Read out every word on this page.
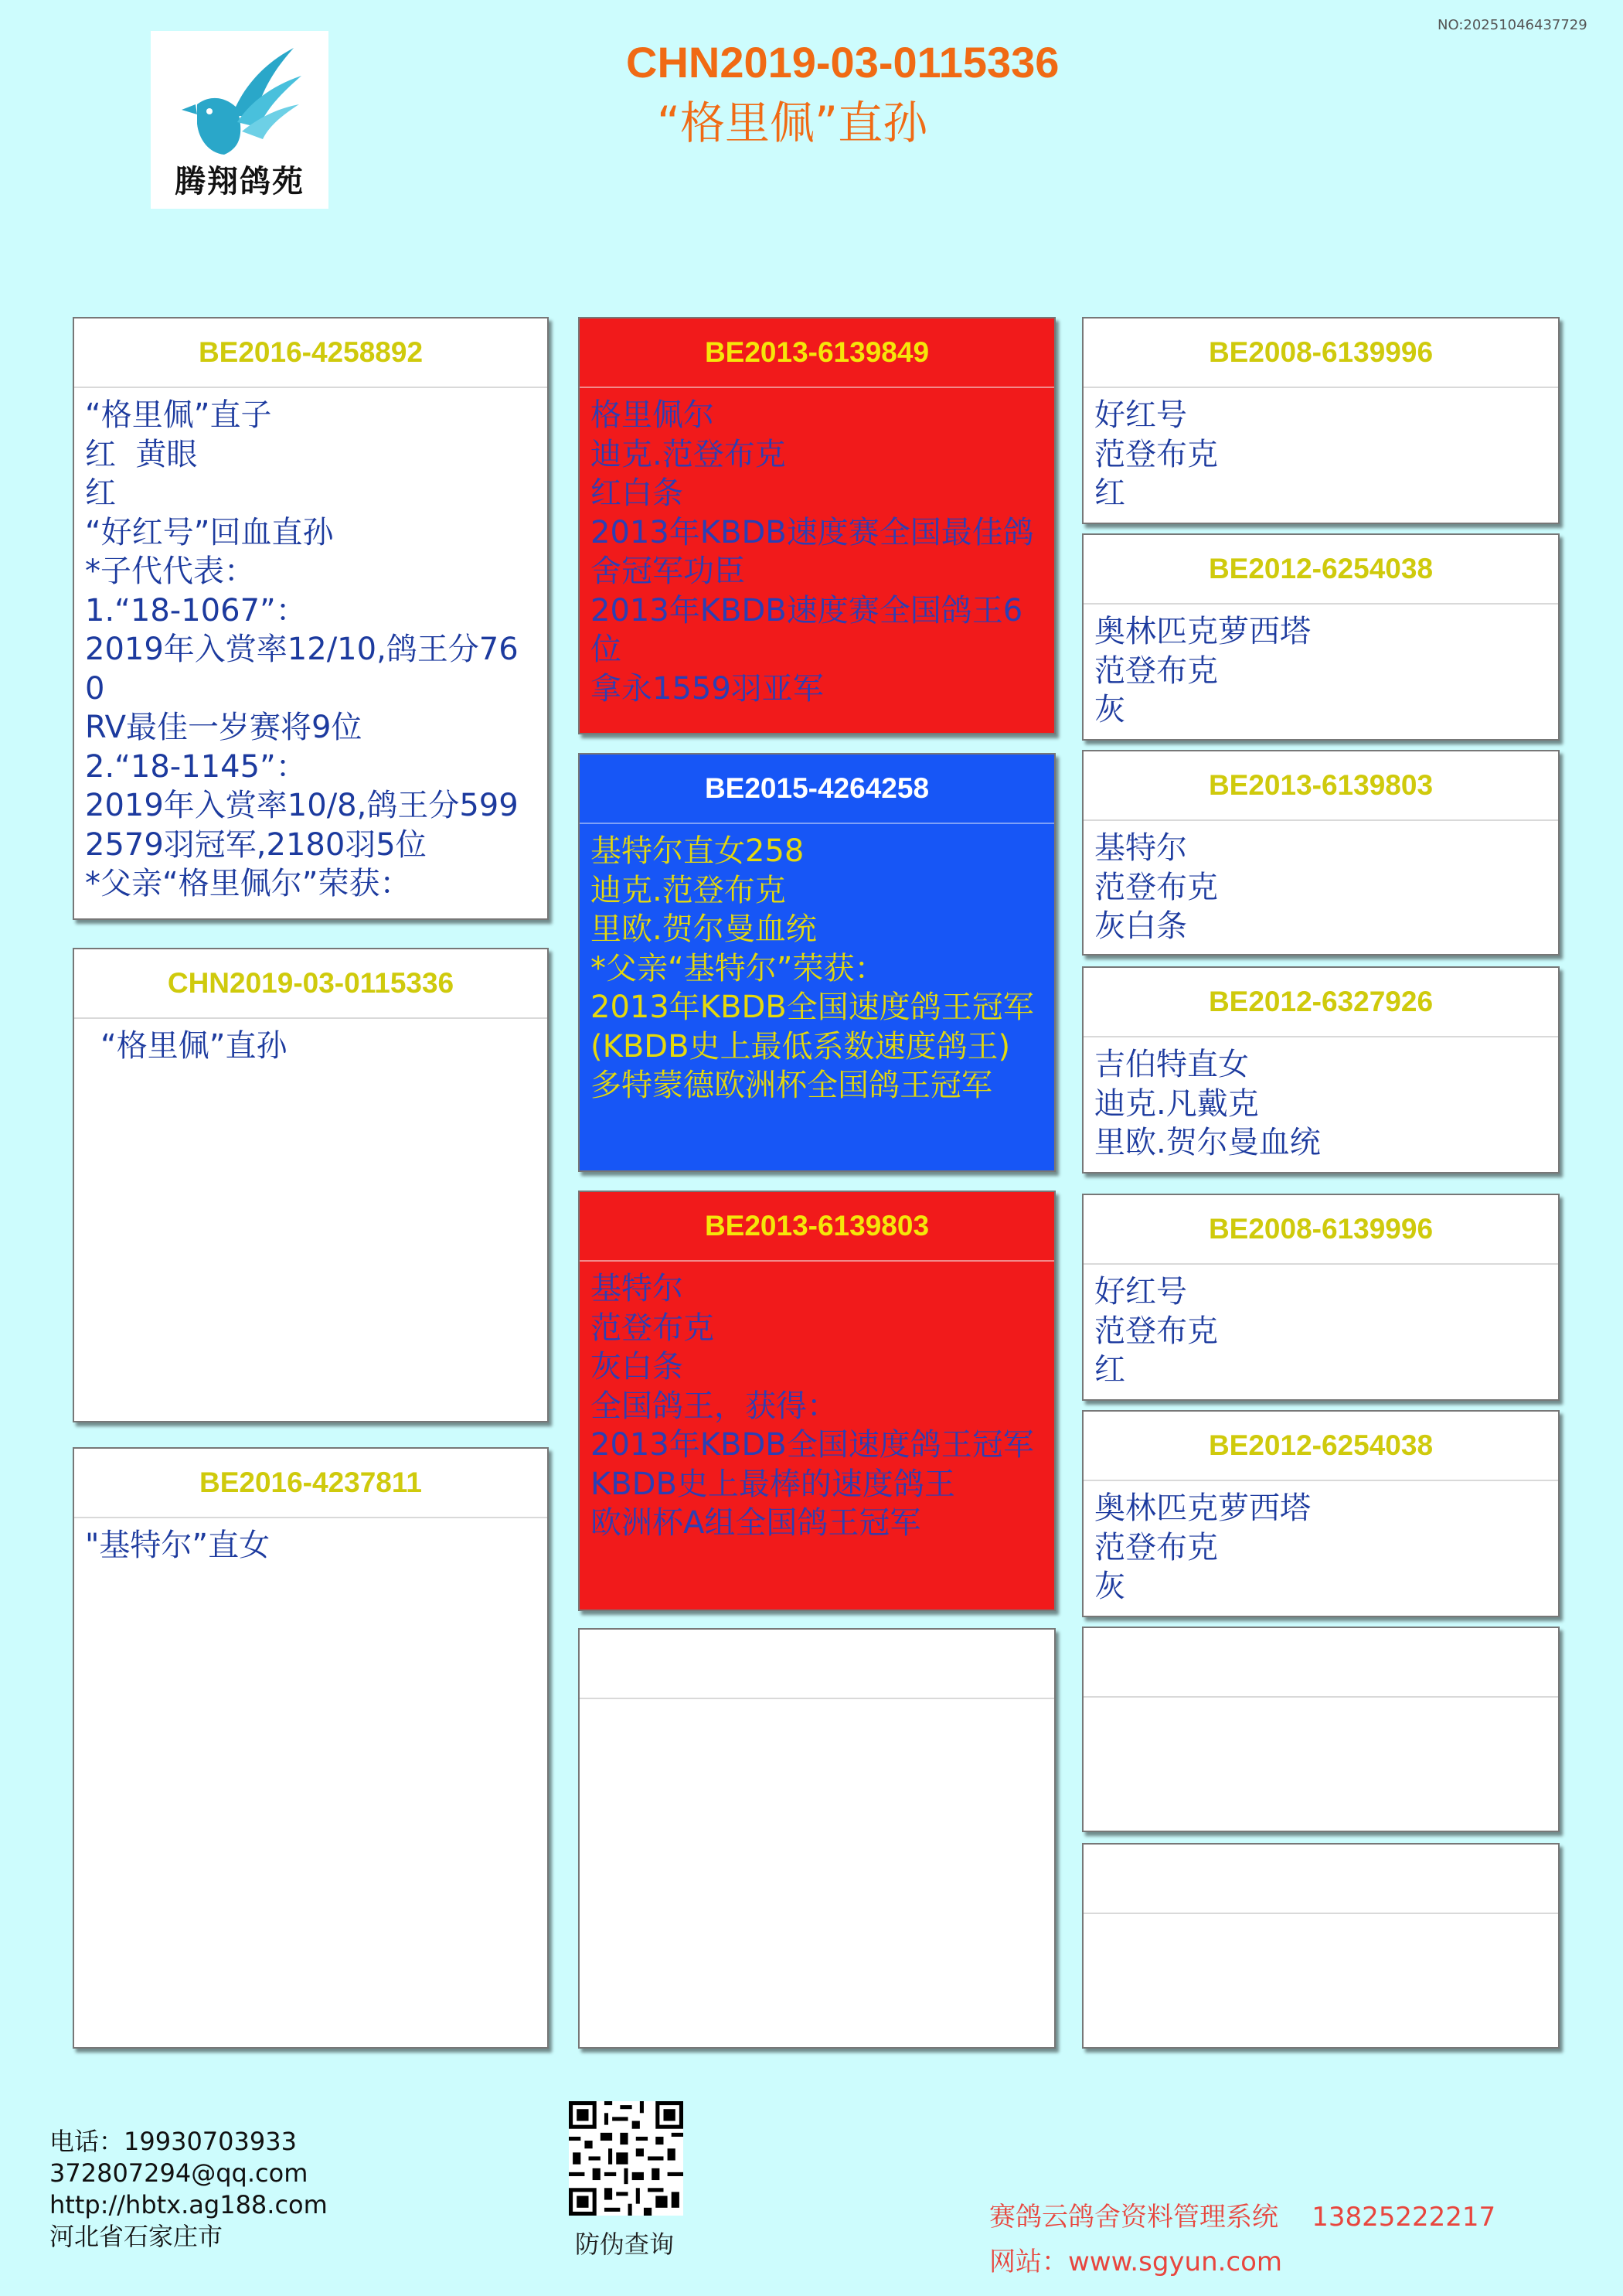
NO:20251046437729
腾翔鸽苑
CHN2019-03-0115336
“格里佩”直孙
BE2016-4258892
“格里佩”直子
红  黄眼
红
“好红号”回血直孙
*子代代表：
1.“18-1067”：
2019年入赏率12/10,鸽王分760
RV最佳一岁赛将9位
2.“18-1145”：
2019年入赏率10/8,鸽王分599
2579羽冠军,2180羽5位
*父亲“格里佩尔”荣获：
CHN2019-03-0115336
“格里佩”直孙
BE2016-4237811
"基特尔”直女
BE2013-6139849
格里佩尔
迪克.范登布克
红白条
2013年KBDB速度赛全国最佳鸽舍冠军功臣
2013年KBDB速度赛全国鸽王6位
拿永1559羽亚军
BE2015-4264258
基特尔直女258
迪克.范登布克
里欧.贺尔曼血统
*父亲“基特尔”荣获：
2013年KBDB全国速度鸽王冠军(KBDB史上最低系数速度鸽王)
多特蒙德欧洲杯全国鸽王冠军
BE2013-6139803
基特尔
范登布克
灰白条
全国鸽王，获得：
2013年KBDB全国速度鸽王冠军
KBDB史上最棒的速度鸽王
欧洲杯A组全国鸽王冠军
BE2008-6139996
好红号
范登布克
红
BE2012-6254038
奥林匹克萝西塔
范登布克
灰
BE2013-6139803
基特尔
范登布克
灰白条
BE2012-6327926
吉伯特直女
迪克.凡戴克
里欧.贺尔曼血统
BE2008-6139996
好红号
范登布克
红
BE2012-6254038
奥林匹克萝西塔
范登布克
灰
电话：19930703933
372807294@qq.com
http://hbtx.ag188.com
河北省石家庄市	防伪查询
赛鸽云鸽舍资料管理系统    13825222217
网站：www.sgyun.com
